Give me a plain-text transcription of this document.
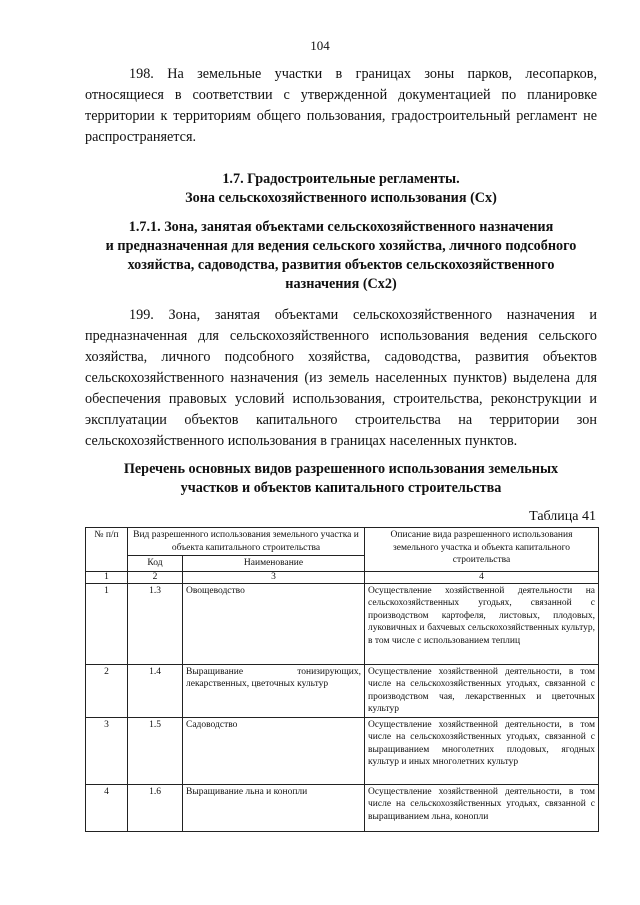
104
198. На земельные участки в границах зоны парков, лесопарков, относящиеся в соответствии с утвержденной документацией по планировке территории к территориям общего пользования, градостроительный регламент не распространяется.
1.7. Градостроительные регламенты.
Зона сельскохозяйственного использования (Сх)
1.7.1. Зона, занятая объектами сельскохозяйственного назначения
и предназначенная для ведения сельского хозяйства, личного подсобного
хозяйства, садоводства, развития объектов сельскохозяйственного
назначения (Сх2)
199. Зона, занятая объектами сельскохозяйственного назначения и предназначенная для сельскохозяйственного использования ведения сельского хозяйства, личного подсобного хозяйства, садоводства, развития объектов сельскохозяйственного назначения (из земель населенных пунктов) выделена для обеспечения правовых условий использования, строительства, реконструкции и эксплуатации объектов капитального строительства на территории зон сельскохозяйственного использования в границах населенных пунктов.
Перечень основных видов разрешенного использования земельных
участков и объектов капитального строительства
Таблица 41
№ п/п	Вид разрешенного использования земельного участка и объекта капитального строительства		Описание вида разрешенного использования земельного участка и объекта капитального строительства
	Код	Наименование	
1	2	3	4
1	1.3	Овощеводство	Осуществление хозяйственной деятельности на сельскохозяйственных угодьях, связанной с производством картофеля, листовых, плодовых, луковичных и бахчевых сельскохозяйственных культур, в том числе с использованием теплиц
2	1.4	Выращивание тонизирующих, лекарственных, цветочных культур	Осуществление хозяйственной деятельности, в том числе на сельскохозяйственных угодьях, связанной с производством чая, лекарственных и цветочных культур
3	1.5	Садоводство	Осуществление хозяйственной деятельности, в том числе на сельскохозяйственных угодьях, связанной с выращиванием многолетних плодовых, ягодных культур и иных многолетних культур
4	1.6	Выращивание льна и конопли	Осуществление хозяйственной деятельности, в том числе на сельскохозяйственных угодьях, связанной с выращиванием льна, конопли
